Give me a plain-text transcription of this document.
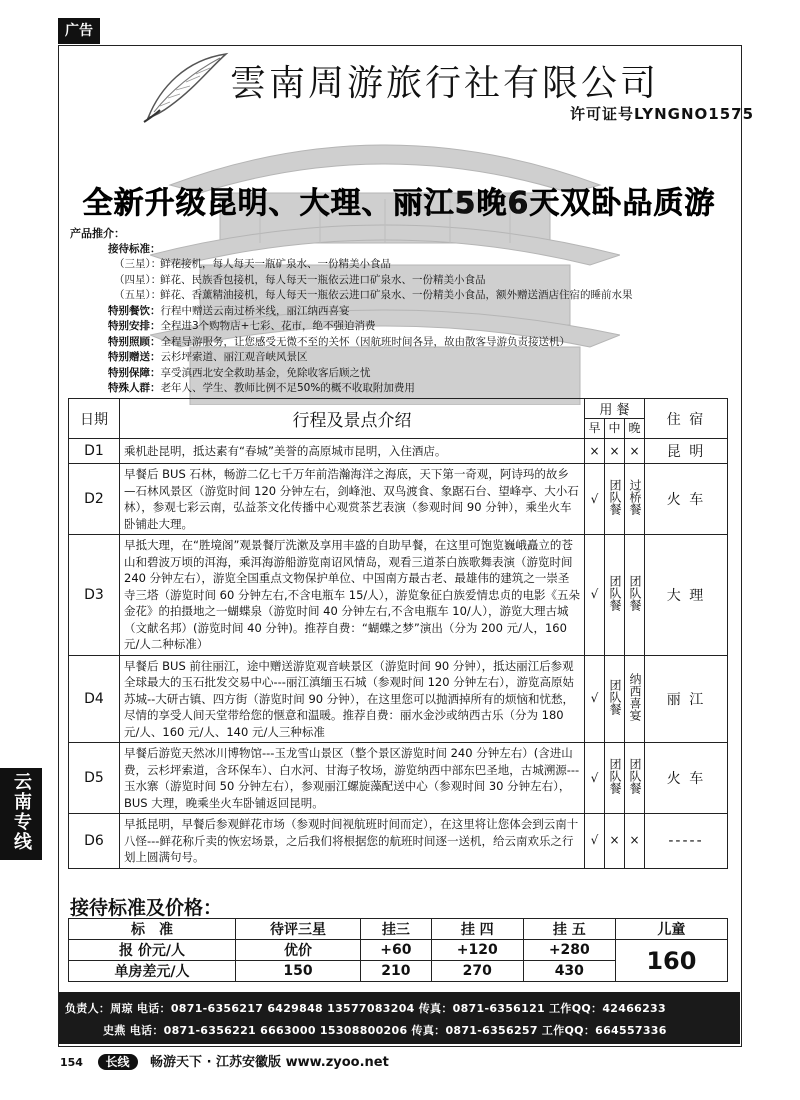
广告
雲南周游旅行社有限公司
许可证号LYNGNO1575
全新升级昆明、大理、丽江5晚6天双卧品质游
产品推介：
接待标准：
（三星）：鲜花接机，每人每天一瓶矿泉水、一份精美小食品
（四星）：鲜花、民族香包接机，每人每天一瓶依云进口矿泉水、一份精美小食品
（五星）：鲜花、香薰精油接机，每人每天一瓶依云进口矿泉水、一份精美小食品，额外赠送酒店住宿的睡前水果
特别餐饮：行程中赠送云南过桥米线，丽江纳西喜宴
特别安排：全程进3个购物店+七彩、花市，绝不强迫消费
特别照顾：全程导游服务，让您感受无微不至的关怀（因航班时间各异，故由散客导游负责接送机）
特别赠送：云杉坪索道、丽江观音峡风景区
特别保障：享受滇西北安全救助基金，免除收客后顾之忧
特殊人群：老年人、学生、教师比例不足50%的概不收取附加费用
日期	行程及景点介绍	用 餐			住 宿
		早	中	晚	
D1	乘机赴昆明，抵达素有“春城”美誉的高原城市昆明，入住酒店。	×	×	×	昆 明
D2	早餐后 BUS 石林，畅游二亿七千万年前浩瀚海洋之海底，天下第一奇观，阿诗玛的故乡—石林风景区（游览时间 120 分钟左右，剑峰池、双鸟渡食、象踞石台、望峰亭、大小石林），参观七彩云南，弘益茶文化传播中心观赏茶艺表演（参观时间 90 分钟），乘坐火车卧铺赴大理。	√	团队餐	过桥餐	火 车
D3	早抵大理，在“胜境阁”观景餐厅洗漱及享用丰盛的自助早餐，在这里可饱览巍峨矗立的苍山和碧波万顷的洱海，乘洱海游船游览南诏风情岛，观看三道茶白族歌舞表演（游览时间 240 分钟左右），游览全国重点文物保护单位、中国南方最古老、最雄伟的建筑之一崇圣寺三塔（游览时间 60 分钟左右,不含电瓶车 15/人），游览象征白族爱情忠贞的电影《五朵金花》的拍摄地之一蝴蝶泉（游览时间 40 分钟左右,不含电瓶车 10/人），游览大理古城（文献名邦）(游览时间 40 分钟)。推荐自费：“蝴蝶之梦”演出（分为 200 元/人，160 元/人二种标准）	√	团队餐	团队餐	大 理
D4	早餐后 BUS 前往丽江，途中赠送游览观音峡景区（游览时间 90 分钟），抵达丽江后参观全球最大的玉石批发交易中心---丽江滇缅玉石城（参观时间 120 分钟左右），游览高原姑苏城--大研古镇、四方街（游览时间 90 分钟），在这里您可以抛洒掉所有的烦恼和忧愁，尽情的享受人间天堂带给您的惬意和温暖。推荐自费：丽水金沙或纳西古乐（分为 180 元/人、160 元/人、140 元/人三种标准	√	团队餐	纳西喜宴	丽 江
D5	早餐后游览天然冰川博物馆---玉龙雪山景区（整个景区游览时间 240 分钟左右）(含进山费，云杉坪索道，含环保车）、白水河、甘海子牧场，游览纳西中部东巴圣地，古城溯源---玉水寨（游览时间 50 分钟左右），参观丽江螺旋藻配送中心（参观时间 30 分钟左右），BUS 大理，晚乘坐火车卧铺返回昆明。	√	团队餐	团队餐	火 车
D6	早抵昆明，早餐后参观鲜花市场（参观时间视航班时间而定），在这里将让您体会到云南十八怪---鲜花称斤卖的恢宏场景，之后我们将根据您的航班时间逐一送机，给云南欢乐之行划上圆满句号。	√	×	×	-----
接待标准及价格：
标　准	待评三星	挂三	挂 四	挂 五	儿童
报 价元/人	优价	+60	+120	+280	160
单房差元/人	150	210	270	430	
负责人：周琼 电话：0871-6356217 6429848 13577083204 传真：0871-6356121 工作QQ：42466233
史燕 电话：0871-6356221 6663000 15308800206 传真：0871-6356257 工作QQ：664557336
云南专线
154 长线 畅游天下 · 江苏安徽版 www.zyoo.net
